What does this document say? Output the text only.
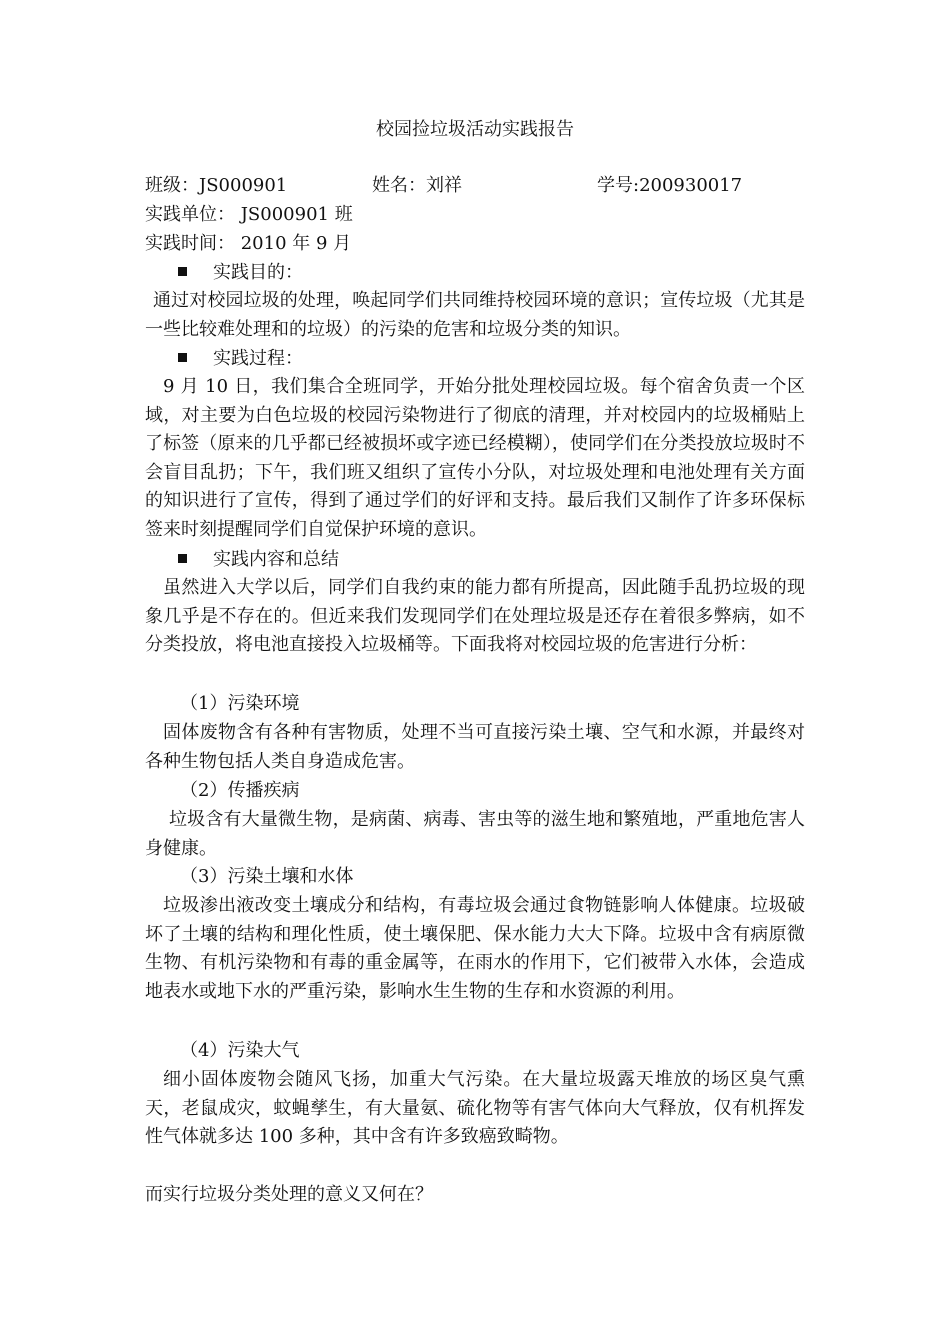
校园捡垃圾活动实践报告
班级：JS000901	姓名：刘祥	学号:200930017
实践单位： JS000901 班
实践时间： 2010 年 9 月
实践目的：
通过对校园垃圾的处理，唤起同学们共同维持校园环境的意识；宣传垃圾（尤其是一些比较难处理和的垃圾）的污染的危害和垃圾分类的知识。
实践过程：
9 月 10 日，我们集合全班同学，开始分批处理校园垃圾。每个宿舍负责一个区域，对主要为白色垃圾的校园污染物进行了彻底的清理，并对校园内的垃圾桶贴上了标签（原来的几乎都已经被损坏或字迹已经模糊），使同学们在分类投放垃圾时不会盲目乱扔；下午，我们班又组织了宣传小分队，对垃圾处理和电池处理有关方面的知识进行了宣传，得到了通过学们的好评和支持。最后我们又制作了许多环保标签来时刻提醒同学们自觉保护环境的意识。
实践内容和总结
虽然进入大学以后，同学们自我约束的能力都有所提高，因此随手乱扔垃圾的现象几乎是不存在的。但近来我们发现同学们在处理垃圾是还存在着很多弊病，如不分类投放，将电池直接投入垃圾桶等。下面我将对校园垃圾的危害进行分析：
（1）污染环境
固体废物含有各种有害物质，处理不当可直接污染土壤、空气和水源，并最终对各种生物包括人类自身造成危害。
（2）传播疾病
垃圾含有大量微生物，是病菌、病毒、害虫等的滋生地和繁殖地，严重地危害人身健康。
（3）污染土壤和水体
垃圾渗出液改变土壤成分和结构，有毒垃圾会通过食物链影响人体健康。垃圾破坏了土壤的结构和理化性质，使土壤保肥、保水能力大大下降。垃圾中含有病原微生物、有机污染物和有毒的重金属等，在雨水的作用下，它们被带入水体，会造成地表水或地下水的严重污染，影响水生生物的生存和水资源的利用。
（4）污染大气
细小固体废物会随风飞扬，加重大气污染。在大量垃圾露天堆放的场区臭气熏天，老鼠成灾，蚊蝇孳生，有大量氨、硫化物等有害气体向大气释放，仅有机挥发性气体就多达 100 多种，其中含有许多致癌致畸物。
而实行垃圾分类处理的意义又何在？
